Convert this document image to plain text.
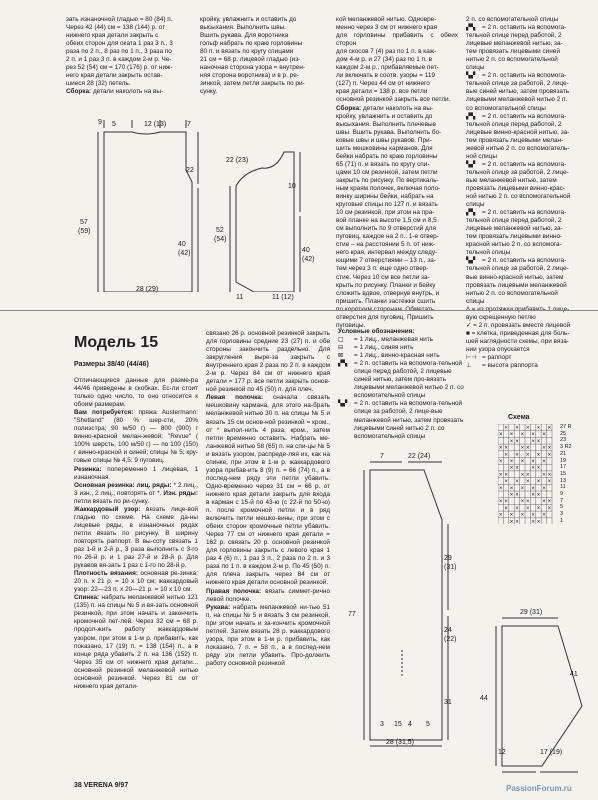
зать изнаночной гладью = 80 (84) п.

Через 42 (44) см = 138 (144) р. от

нижнего края детали закрыть с

обеих сторон для оката 1 раз 3 п., 3

раза по 2 п., 8 раз по 1 п., 3 раза по

2 п. и 1 раз 3 п. в каждом 2-м р. Че-

рез 52 (54) см = 170 (176) р. от ниж-

него края детали закрыть остав-

шиеся 28 (32) петель.

Сборка: детали наколоть на вы-

кройку, увлажнить и оставить до

высыхания. Выполнить швы.

Вшить рукава. Для воротника

гольф набрать по краю горловины

80 п. и вязать по кругу спицами

21 см = 68 р. лицевой гладью (из-

наночная сторона узора = внутрен-

няя сторона воротника) и в р. ре-

зинкой, затем петли закрыть по ри-

сунку.

кой меланжевой нитью. Одновре-

менно через 3 см от нижнего края

для горловины прибавить с обеих сторон

для скосов 7 (4) раз по 1 п. в каж-

дом 4-м р. и 27 (34) раз по 1 п. в

каждом 2-м р., прибавляемые пет-

ли включать в соотв. узоры = 119

(127) п. Через 44 см от нижнего

края детали = 138 р. все петли

основной резинкой закрыть все петли.

Сборка: детали наколоть на вы-

кройку, увлажнить и оставить до

высыхания. Выполнить плечевые

швы. Вшить рукава. Выполнить бо-

ковые швы и швы рукавов. При-

шить мешковины карманов. Для

бейки набрать по краю горловины

65 (71) п. и вязать по кругу спи-

цами 10 см резинкой, затем петли

закрыть по рисунку. По вертикаль-

ным краям полочек, включая поло-

винку ширины бейки, набрать на

круговые спицы по 127 п. и вязать

10 см резинкой, при этом на пра-

вой планке на высоте 1,5 см и 8,5

см выполнить по 9 отверстий для

пуговиц, каждое на 2 п.: 1-е отвер-

стие – на расстоянии 5 п. от ниж-

него края, интервал между следу-

ющими 7 отверстиями – 13 п., за-

тем через 3 п. еще одно отвер-

стие. Через 10 см все петли за-

крыть по рисунку. Планки и бейку

сложить вдвое, отвернув внутрь, и

пришить. Планки застежки сшить

отверстия для пуговиц. Пришить

пуговицы.

2 п. со вспомогательной спицы

▞▚ = 2 п. оставить на вспомога-

тельной спице перед работой, 2

лицевые меланжевой нитью, за-

тем провязать лицевыми синей

нитью 2 п. со вспомогательной

спицы

▚▞ = 2 п. оставить на вспомога-

тельной спице за работой, 2 лице-

вые синей нитью, затем провязать

лицевыми меланжевой нитью 2 п.

со вспомогательной спицы

▞▚ = 2 п. оставить на вспомога-

тельной спице перед работой, 2

лицевые винно-красной нитью, за-

тем провязать лицевыми мелан-

жевой нитью 2 п. со вспомогатель-

ной спицы

▚▞ = 2 п. оставить на вспомога-

тельной спице за работой, 2 лице-

вые меланжевой нитью, затем

провязать лицевыми винно-крас-

ной нитью 2 п. со вспомогательной

спицы

▞▚ = 2 п. оставить на вспомога-

тельной спице перед работой, 2

лицевые меланжевой нитью, за-

тем провязать лицевыми винно-

красной нитью 2 п. со вспомога-

тельной спицы

▚▞ = 2 п. оставить на вспомога-

тельной спице за работой, 2 лице-

вые винно-красной нитью, затем

провязать лицевыми меланжевой

нитью 2 п. со вспомогательной

спицы

вую скрещенную петлю

✓ = 2 п. провязать вместе лицевой

■ = клетка, приведенная для боль-

шей наглядности схемы, при вяза-

нии узора опускается

⊢⊣ = раппорт

⊥ = высота раппорта

5	12 (13)	7
9
22
57
(59)
40
(42)
28 (29)
22 (23)
10
52
(54)
40
(42)
11	11 (12)
Модель 15
Размеры 38/40 (44/46)

Отличающиеся данные для разме-ра 44/46 приведены в скобках. Ес-ли стоит только одно число, то оно относится к обоим размерам.

Вам потребуется: пряжа Austermann: "Shetland" (80 % шер-сти, 20% полиэстра; 90 м/50 г) — 800 (900) г винно-красной мелан-жевой; "Revue" ( 100% шерсть, 100 м/50 г) — по 100 (150) г винно-красной и синей; спицы № 5; кру-говые спицы № 4,5; 9 пуговиц.

Резинка: попеременно 1 лицевая, 1 изнаночная.

Основная резинка: лиц. ряды: * 2 лиц., 3 изн., 2 лиц., повторять от *. Изн. ряды: петли вязать по ри-сунку.

Жаккардовый узор: вязать лице-вой гладью по схеме. На схеме да-ны лицевые ряды, в изнаночных рядах петли вязать по рисунку. В ширину повторять раппорт. В вы-соту связать 1 раз 1-й и 2-й р., 3 раза выполнить с 3-го по 26-й р. и 1 раз 27-й и 28-й р. Для рукавов вя-зать 1 раз с 1-го по 28-й р.

Плотность вязания: основная ре-зинка: 20 п. x 21 р. = 10 x 10 см; жаккардовый узор: 22—23 п. x 20—21 р. = 10 x 10 см.

Спинка: набрать меланжевой нитью 121 (135) п. на спицы № 5 и вя-зать основной резинкой, при этом начать и закончить кромочной пет-лей. Через 32 см = 68 р. продол-жить работу жаккардовым узором, при этом в 1-м р. прибавить, как показано, 17 (19) п. = 138 (154) п., а в конце ряда убавить 2 п. на 136 (152) п. Через 35 см от нижнего края детали... основной резинкой меланжевой нитью основной резинкой. Через 81 см от нижнего края детали-

связано 26 р. основной резинкой закрыть для горловины средние 23 (27) п. и обе стороны закончить раздельно. Для закругления выре-за закрыть с внутреннего края 2 раза по 2 п. в каждом 2-м р. Через 84 см от нижнего края детали = 177 р. все петли закрыть основ-ной резинкой по 45 (50) п. для плеч.

Левая полочка: сначала связать мешковину кармана, для этого на-брать меланжевой нитью 30 п. на спицы № 5 и вязать 15 см основ-ной резинкой = кром., от * выпол-нить 4 раза, кром., затем петли временно оставить. Набрать ме-ланжевой нитью 58 (65) п. на спи-цы № 5 и вязать узором, распреде-ляя их, как на спинке, при этом в 1-м р. жаккардового узора прибав-ить 8 (9) п. = 66 (74) п., а в послед-нем ряду эти петли убавить. Одно-временно через 31 см = 66 р. от нижнего края детали закрыть для входа в карман с 15-й по 43-ю (с 22-й по 50-ю) п. после кромочной петли и в ряд включить петли мешко-вины, при этом с обеих сторон кромочные петли убавить. Через 77 см от нижнего края детали = 162 р. связать 20 р. основной резинкой для горловины закрыть с левого края 1 раз 4 (6) п., 1 раз 3 п., 2 раза по 2 п. и 3 раза по 1 п. в каждом 2-м р. По 45 (50) п. для плеча закрыть через 84 см от нижнего края детали основной резинкой.

Правая полочка: вязать симмет-рично левой полочке.

Рукава: набрать меланжевой ни-тью 51 п. на спицы № 5 и вязать 3 см резинкой, при этом начать и за-кончить кромочной петлей. Затем вязать 28 р. жаккардового узора, при этом в 1-м р. прибавить, как показано, 7 п. = 58 п., а в послед-нем ряду эти петли убавить. Про-должить работу основной резинкой

Условные обозначения:
□	= 1 лиц., меланжевая нить
⊟	= 1 лиц., синяя нить
⊠	= 1 лиц., винно-красная нить
▞▚	= 2 п. оставить на вспомога-тельной спице перед работой, 2 лицевые синей нитью, затем про-вязать лицевыми меланжевой нитью 2 п. со вспомогательной спицы
▚▞	= 2 п. оставить на вспомога-тельной спице за работой, 2 лице-вые меланжевой нитью, затем провязать лицевыми синей нитью 2 п. со вспомогательной спицы
Схема
× × × × ×
× × × × ×
× × × ×
× × × × × ×
× × × × ×
× × × × ×
× × × ×
× × × × × ×
× × × × ×
× × × × ×
× × × ×
× × × × × ×
× × × × ×
× × × × ×
× × × ×
27 R
25
23
3 R2
21
19
17
15
13
11
9
7
5
3
1
7	22 (24)
29
(31)
77
24
(22)
31
28 (31,5)
4 5
3 15
29 (31)
44
41
12	17 (19)
38 VERENA 9/97	PassionForum.ru
